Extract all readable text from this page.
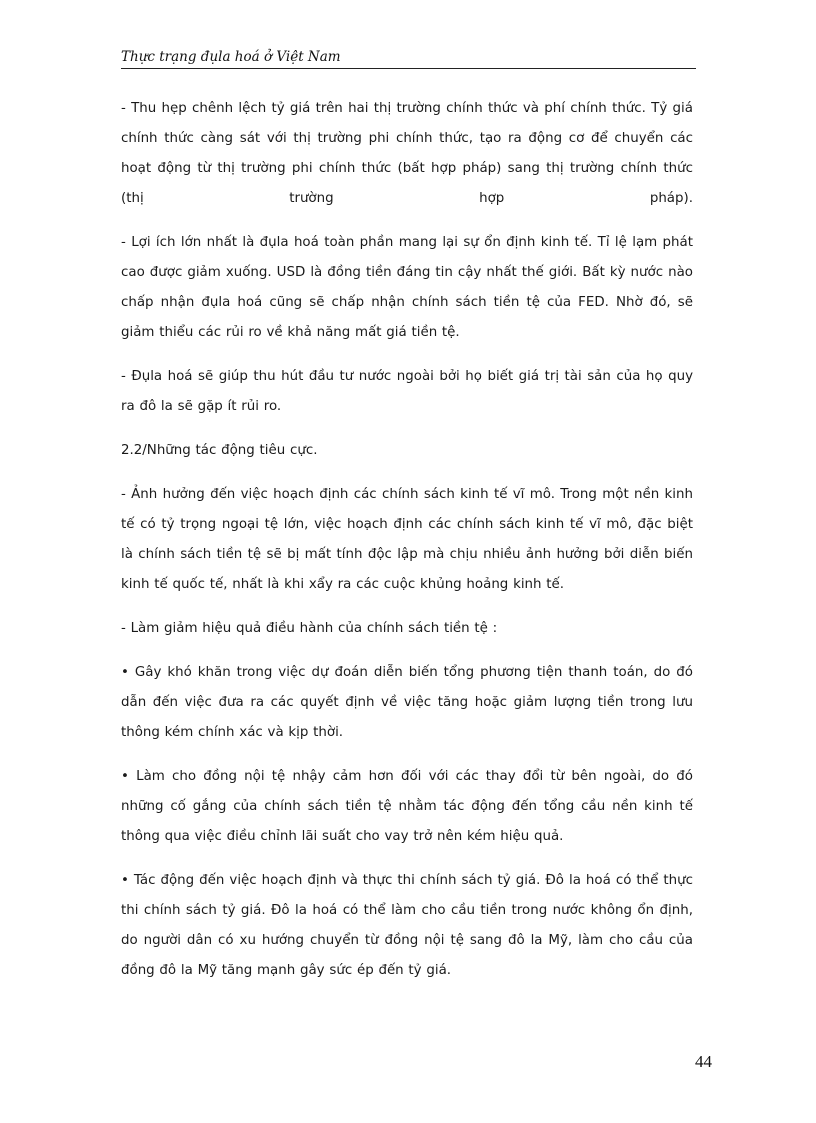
Thực trạng đụla hoá ở Việt Nam

- Thu hẹp chênh lệch tỷ giá trên hai thị trường chính thức và phí chính thức. Tỷ giá chính thức càng sát với thị trường phi chính thức, tạo ra động cơ để chuyển các hoạt động từ thị trường phi chính thức (bất hợp pháp) sang thị trường chính thức (thị trường hợp pháp).

- Lợi ích lớn nhất là đụla hoá toàn phần mang lại sự ổn định kinh tế. Tỉ lệ lạm phát cao được giảm xuống. USD là đồng tiền đáng tin cậy nhất thế giới. Bất kỳ nước nào chấp nhận đụla hoá cũng sẽ chấp nhận chính sách tiền tệ của FED. Nhờ đó, sẽ giảm thiểu các rủi ro về khả năng mất giá tiền tệ.

- Đụla hoá sẽ giúp thu hút đầu tư nước ngoài bởi họ biết giá trị tài sản của họ quy ra đô la sẽ gặp ít rủi ro.

2.2/Những tác động tiêu cực.

- Ảnh hưởng đến việc hoạch định các chính sách kinh tế vĩ mô. Trong một nền kinh tế có tỷ trọng ngoại tệ lớn, việc hoạch định các chính sách kinh tế vĩ mô, đặc biệt là chính sách tiền tệ sẽ bị mất tính độc lập mà chịu nhiều ảnh hưởng bởi diễn biến kinh tế quốc tế, nhất là khi xẩy ra các cuộc khủng hoảng kinh tế.

- Làm giảm hiệu quả điều hành của chính sách tiền tệ :

• Gây khó khăn trong việc dự đoán diễn biến tổng phương tiện thanh toán, do đó dẫn đến việc đưa ra các quyết định về việc tăng hoặc giảm lượng tiền trong lưu thông kém chính xác và kịp thời.

• Làm cho đồng nội tệ nhậy cảm hơn đối với các thay đổi từ bên ngoài, do đó những cố gắng của chính sách tiền tệ nhằm tác động đến tổng cầu nền kinh tế thông qua việc điều chỉnh lãi suất cho vay trở nên kém hiệu quả.

• Tác động đến việc hoạch định và thực thi chính sách tỷ giá. Đô la hoá có thể thực thi chính sách tỷ giá. Đô la hoá có thể làm cho cầu tiền trong nước không ổn định, do người dân có xu hướng chuyển từ đồng nội tệ sang đô la Mỹ, làm cho cầu của đồng đô la Mỹ tăng mạnh gây sức ép đến tỷ giá.

44
